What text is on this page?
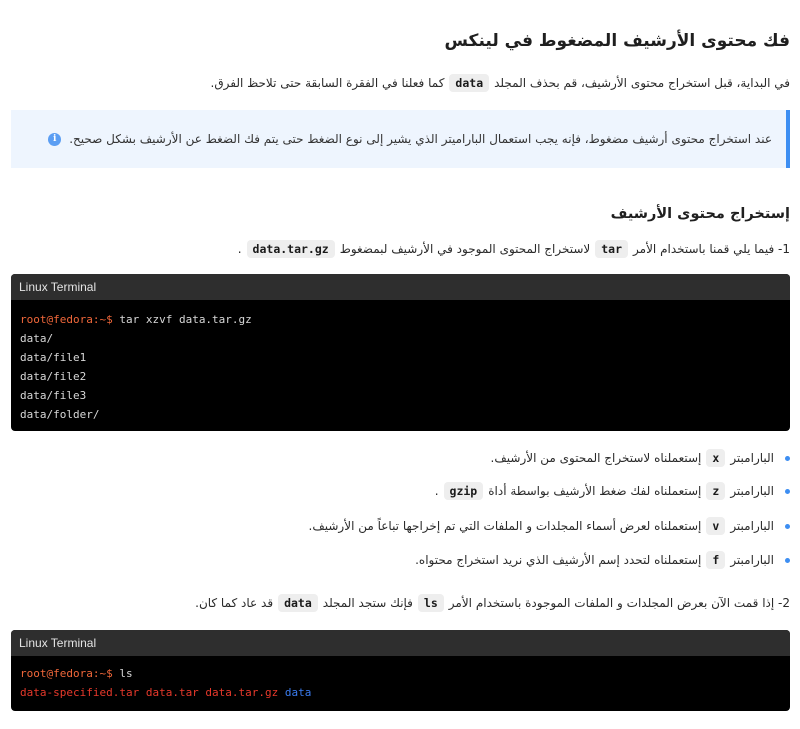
فك محتوى الأرشيف المضغوط في لينكس
في البداية، قبل استخراج محتوى الأرشيف، قم بحذف المجلد
data
كما فعلنا في الفقرة السابقة حتى تلاحظ الفرق.
عند استخراج محتوى أرشيف مضغوط، فإنه يجب استعمال الباراميتر الذي يشير إلى نوع الضغط حتى يتم فك الضغط عن الأرشيف بشكل صحيح.
i
إستخراج محتوى الأرشيف
1- فيما يلي قمنا باستخدام الأمر
tar
لاستخراج المحتوى الموجود في الأرشيف لبمضغوط
data.tar.gz
.
Linux Terminal
root@fedora:~$ tar xzvf data.tar.gz
data/
data/file1
data/file2
data/file3
data/folder/
البارامبتر
x
إستعملناه لاستخراج المحتوى من الأرشيف.
البارامبتر
z
إستعملناه لفك ضغط الأرشيف بواسطة أداة
gzip
.
البارامبتر
v
إستعملناه لعرض أسماء المجلدات و الملفات التي تم إخراجها تباعاً من الأرشيف.
البارامبتر
f
إستعملناه لتحدد إسم الأرشيف الذي نريد استخراج محتواه.
2- إذا قمت الآن بعرض المجلدات و الملفات الموجودة باستخدام الأمر
ls
فإنك ستجد المجلد
data
قد عاد كما كان.
Linux Terminal
root@fedora:~$ ls
data-specified.tar data.tar data.tar.gz data
